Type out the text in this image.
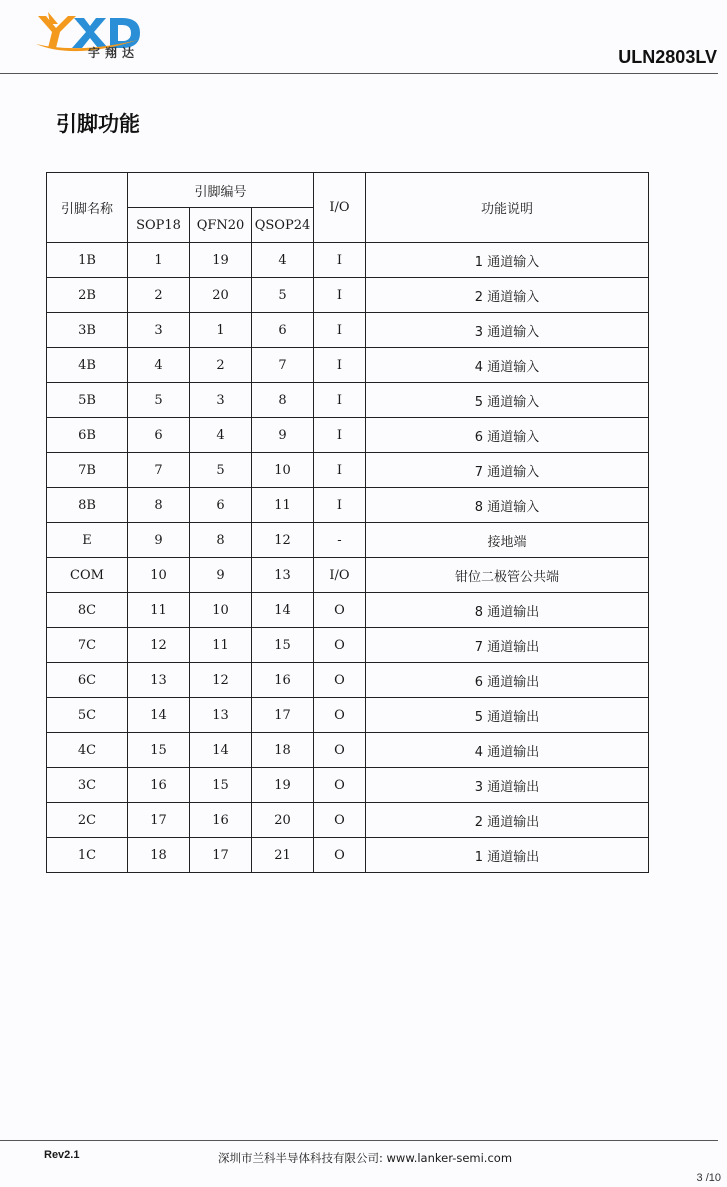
宇翔达	ULN2803LV
引脚功能
引脚名称	引脚编号			I/O	功能说明
	SOP18	QFN20	QSOP24		
1B	1	19	4	I	1 通道输入
2B	2	20	5	I	2 通道输入
3B	3	1	6	I	3 通道输入
4B	4	2	7	I	4 通道输入
5B	5	3	8	I	5 通道输入
6B	6	4	9	I	6 通道输入
7B	7	5	10	I	7 通道输入
8B	8	6	11	I	8 通道输入
E	9	8	12	-	接地端
COM	10	9	13	I/O	钳位二极管公共端
8C	11	10	14	O	8 通道输出
7C	12	11	15	O	7 通道输出
6C	13	12	16	O	6 通道输出
5C	14	13	17	O	5 通道输出
4C	15	14	18	O	4 通道输出
3C	16	15	19	O	3 通道输出
2C	17	16	20	O	2 通道输出
1C	18	17	21	O	1 通道输出
Rev2.1	深圳市兰科半导体科技有限公司: www.lanker-semi.com
3 /10
